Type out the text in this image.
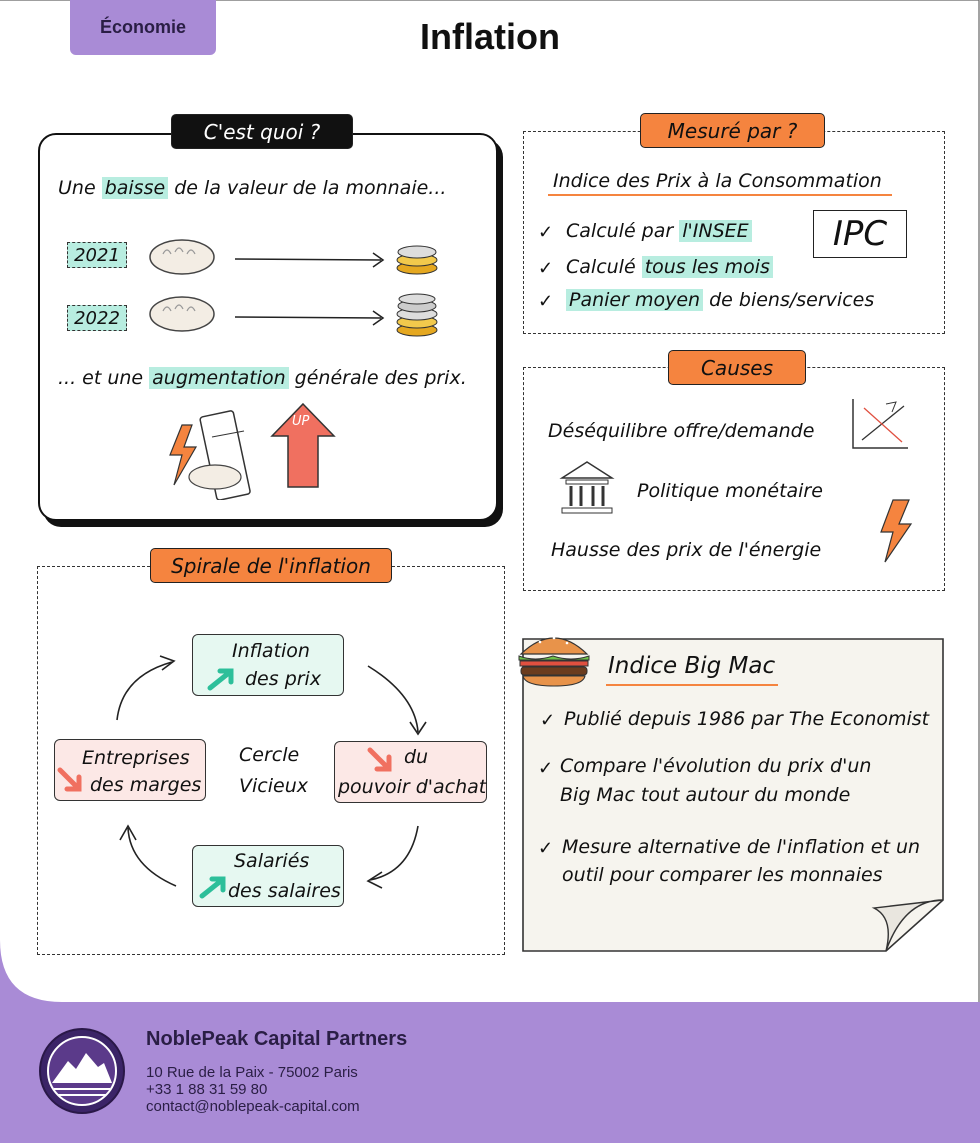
Économie	Inflation
C'est quoi ?
Une baisse de la valeur de la monnaie...
2021
2022
... et une augmentation générale des prix.
UP
Mesuré par ?
Indice des Prix à la Consommation
✓ Calculé par l'INSEE
✓ Calculé tous les mois
✓ Panier moyen de biens/services
IPC
Causes
Déséquilibre offre/demande
Politique monétaire
Hausse des prix de l'énergie
Spirale de l'inflation
Inflation
des prix
du
pouvoir d'achat
Salariés
des salaires
Entreprises
des marges
Cercle
Vicieux
Indice Big Mac
✓ Publié depuis 1986 par The Economist
✓ Compare l'évolution du prix d'un
Big Mac tout autour du monde
✓ Mesure alternative de l'inflation et un
outil pour comparer les monnaies
NoblePeak Capital Partners
10 Rue de la Paix - 75002 Paris
+33 1 88 31 59 80
contact@noblepeak-capital.com
